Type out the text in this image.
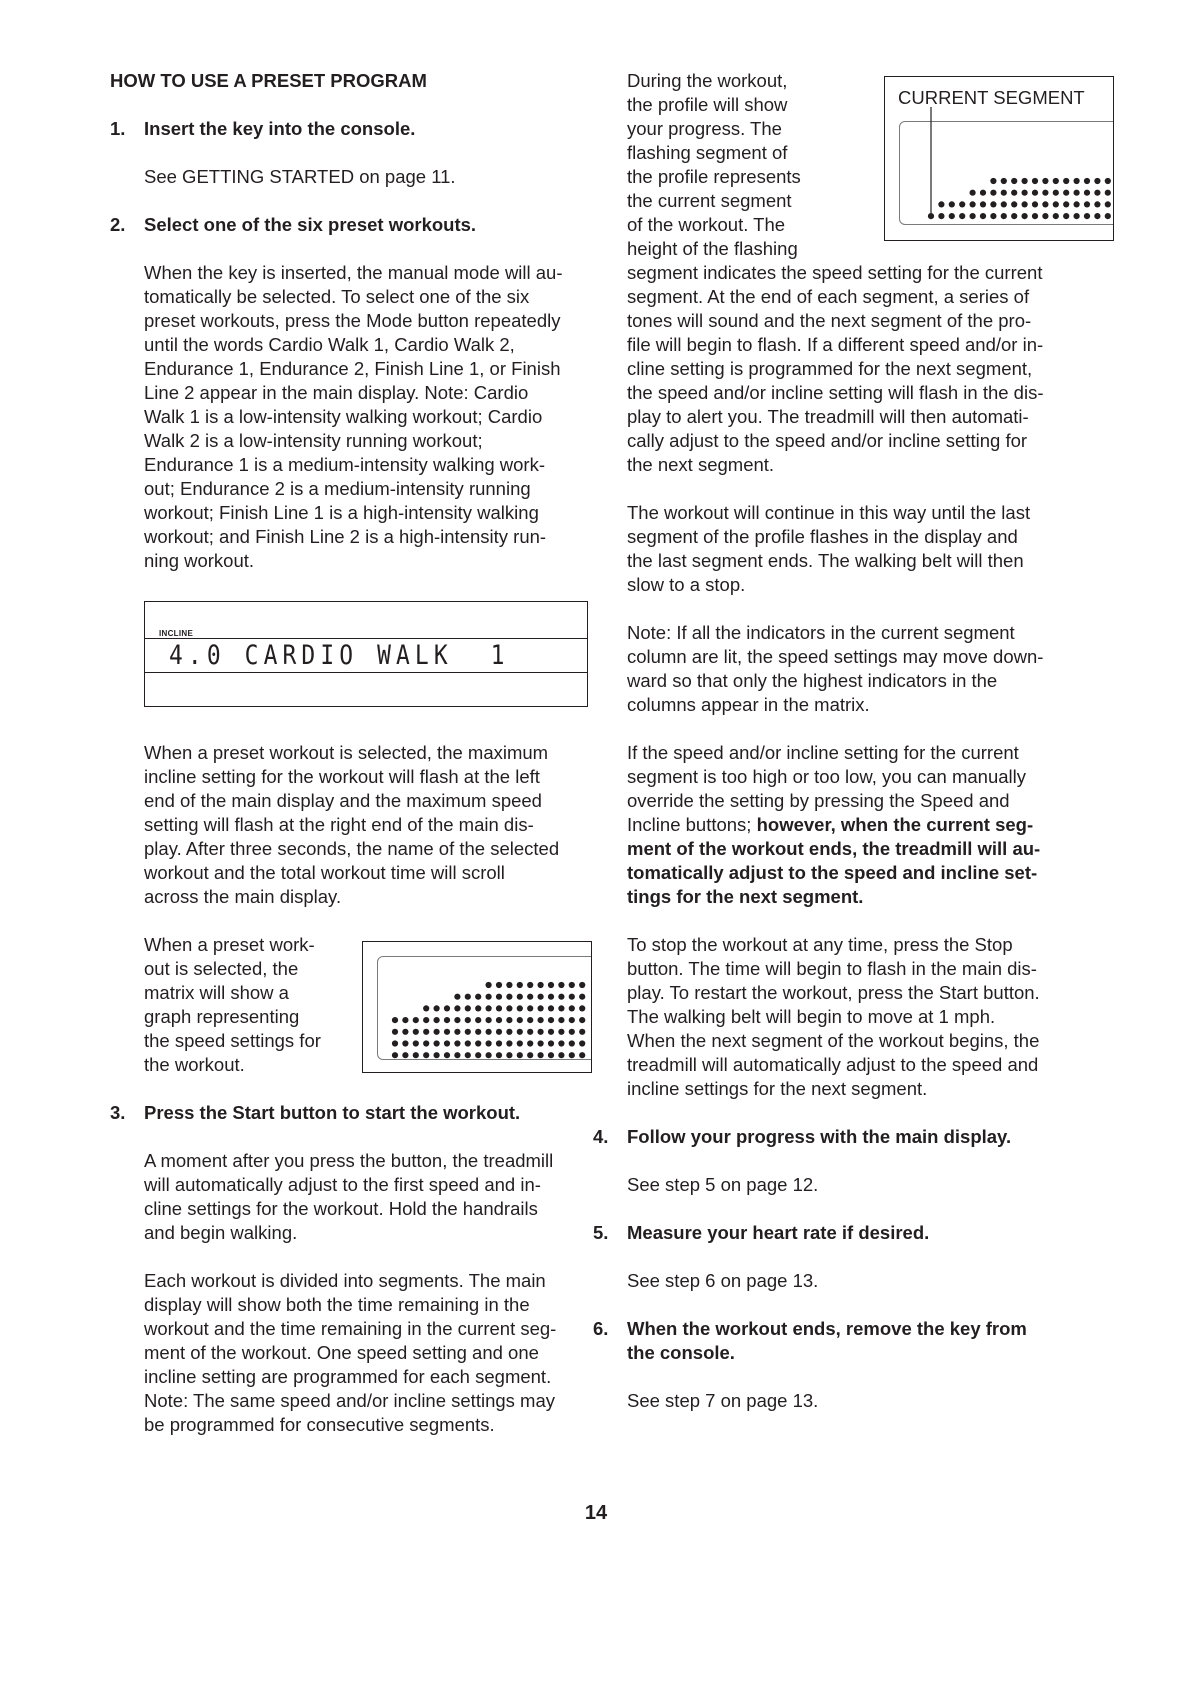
HOW TO USE A PRESET PROGRAM

1.	Insert the key into the console.

See GETTING STARTED on page 11.

2.	Select one of the six preset workouts.

When the key is inserted, the manual mode will au-

tomatically be selected. To select one of the six

preset workouts, press the Mode button repeatedly

until the words Cardio Walk 1, Cardio Walk 2,

Endurance 1, Endurance 2, Finish Line 1, or Finish

Line 2 appear in the main display. Note: Cardio

Walk 1 is a low-intensity walking workout; Cardio

Walk 2 is a low-intensity running workout;

Endurance 1 is a medium-intensity walking work-

out; Endurance 2 is a medium-intensity running

workout; Finish Line 1 is a high-intensity walking

workout; and Finish Line 2 is a high-intensity run-

ning workout.

INCLINE
4.0 CARDIO WALK  1

When a preset workout is selected, the maximum

incline setting for the workout will flash at the left

end of the main display and the maximum speed

setting will flash at the right end of the main dis-

play. After three seconds, the name of the selected

workout and the total workout time will scroll

across the main display.

When a preset work-

out is selected, the

matrix will show a

graph representing

the speed settings for

the workout.

3.	Press the Start button to start the workout.

A moment after you press the button, the treadmill

will automatically adjust to the first speed and in-

cline settings for the workout. Hold the handrails

and begin walking.

Each workout is divided into segments. The main

display will show both the time remaining in the

workout and the time remaining in the current seg-

ment of the workout. One speed setting and one

incline setting are programmed for each segment.

Note: The same speed and/or incline settings may

be programmed for consecutive segments.

During the workout,

the profile will show

your progress. The

flashing segment of

the profile represents

the current segment

of the workout. The

height of the flashing

segment indicates the speed setting for the current

segment. At the end of each segment, a series of

tones will sound and the next segment of the pro-

file will begin to flash. If a different speed and/or in-

cline setting is programmed for the next segment,

the speed and/or incline setting will flash in the dis-

play to alert you. The treadmill will then automati-

cally adjust to the speed and/or incline setting for

the next segment.

The workout will continue in this way until the last

segment of the profile flashes in the display and

the last segment ends. The walking belt will then

slow to a stop.

Note: If all the indicators in the current segment

column are lit, the speed settings may move down-

ward so that only the highest indicators in the

columns appear in the matrix.

If the speed and/or incline setting for the current

segment is too high or too low, you can manually

override the setting by pressing the Speed and

Incline buttons; however, when the current seg-

ment of the workout ends, the treadmill will au-

tomatically adjust to the speed and incline set-

tings for the next segment.

To stop the workout at any time, press the Stop

button. The time will begin to flash in the main dis-

play. To restart the workout, press the Start button.

The walking belt will begin to move at 1 mph.

When the next segment of the workout begins, the

treadmill will automatically adjust to the speed and

incline settings for the next segment.

4.	Follow your progress with the main display.

See step 5 on page 12.

5.	Measure your heart rate if desired.

See step 6 on page 13.

6.	When the workout ends, remove the key from

the console.

See step 7 on page 13.

CURRENT SEGMENT
14
